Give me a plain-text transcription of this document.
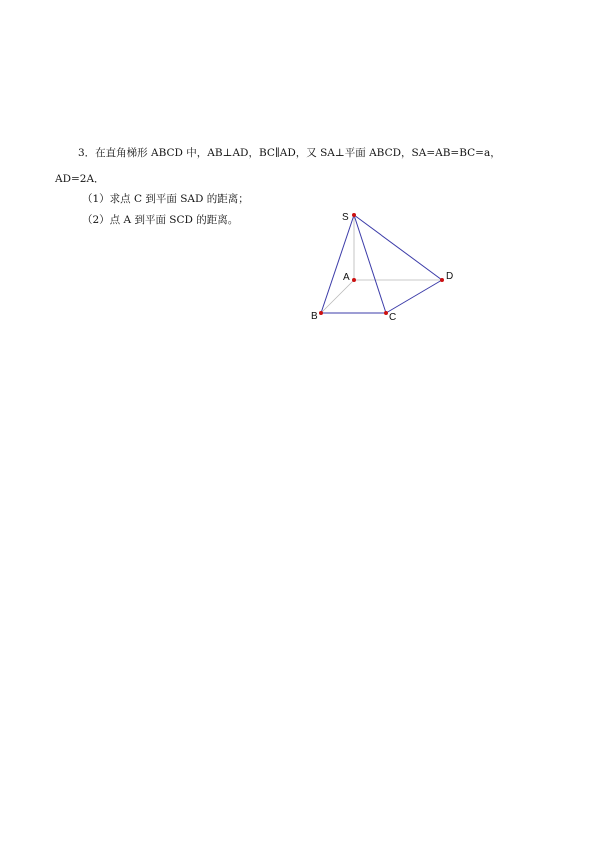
3．在直角梯形 ABCD 中，AB⊥AD，BC∥AD，又 SA⊥平面 ABCD，SA=AB=BC=a，
AD=2A．
（1）求点 C 到平面 SAD 的距离；
（2）点 A 到平面 SCD 的距离。	S
A
B	C
D
